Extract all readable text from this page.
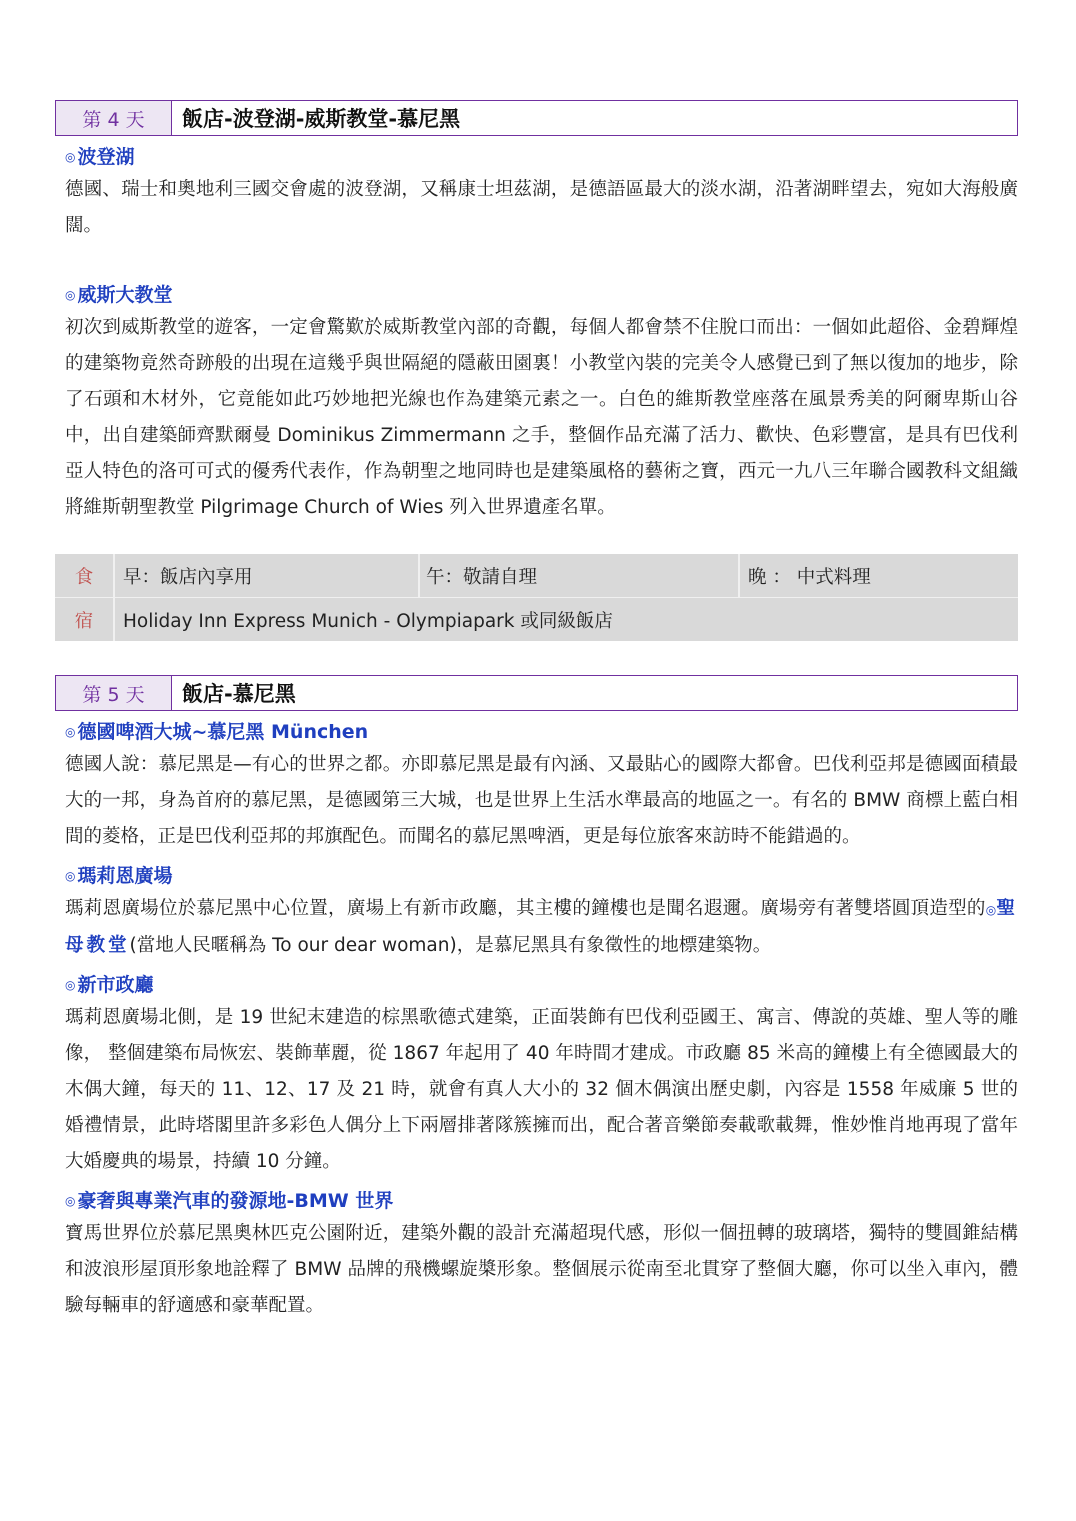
第 4 天	飯店-波登湖-威斯教堂-慕尼黑
◎ 波登湖

德國、瑞士和奧地利三國交會處的波登湖，又稱康士坦茲湖，是德語區最大的淡水湖，沿著湖畔望去，宛如大海般廣闊。

◎ 威斯大教堂

初次到威斯教堂的遊客，一定會驚歎於威斯教堂內部的奇觀，每個人都會禁不住脫口而出：一個如此超俗、金碧輝煌的建築物竟然奇跡般的出現在這幾乎與世隔絕的隱蔽田園裏！小教堂內裝的完美令人感覺已到了無以復加的地步，除了石頭和木材外，它竟能如此巧妙地把光線也作為建築元素之一。白色的維斯教堂座落在風景秀美的阿爾卑斯山谷中，出自建築師齊默爾曼 Dominikus Zimmermann 之手，整個作品充滿了活力、歡快、色彩豐富，是具有巴伐利亞人特色的洛可可式的優秀代表作，作為朝聖之地同時也是建築風格的藝術之寶，西元一九八三年聯合國教科文組織將維斯朝聖教堂 Pilgrimage Church of Wies 列入世界遺產名單。

食	早：飯店內享用	午：敬請自理	晚 ： 中式料理
宿	Holiday Inn Express Munich - Olympiapark 或同級飯店
第 5 天	飯店-慕尼黑
◎ 德國啤酒大城~慕尼黑 München

德國人說：慕尼黑是—有心的世界之都。亦即慕尼黑是最有內涵、又最貼心的國際大都會。巴伐利亞邦是德國面積最大的一邦，身為首府的慕尼黑，是德國第三大城，也是世界上生活水準最高的地區之一。有名的 BMW 商標上藍白相間的菱格，正是巴伐利亞邦的邦旗配色。而聞名的慕尼黑啤酒，更是每位旅客來訪時不能錯過的。

◎ 瑪莉恩廣場

瑪莉恩廣場位於慕尼黑中心位置，廣場上有新市政廳，其主樓的鐘樓也是聞名遐邇。廣場旁有著雙塔圓頂造型的◎聖母教堂(當地人民暱稱為 To our dear woman)，是慕尼黑具有象徵性的地標建築物。

◎ 新市政廳

瑪莉恩廣場北側，是 19 世紀末建造的棕黑歌德式建築，正面裝飾有巴伐利亞國王、寓言、傳說的英雄、聖人等的雕像， 整個建築布局恢宏、裝飾華麗，從 1867 年起用了 40 年時間才建成。市政廳 85 米高的鐘樓上有全德國最大的木偶大鐘，每天的 11、12、17 及 21 時，就會有真人大小的 32 個木偶演出歷史劇，內容是 1558 年威廉 5 世的婚禮情景，此時塔閣里許多彩色人偶分上下兩層排著隊簇擁而出，配合著音樂節奏載歌載舞，惟妙惟肖地再現了當年大婚慶典的場景，持續 10 分鐘。

◎ 豪奢與專業汽車的發源地-BMW 世界

寶馬世界位於慕尼黑奧林匹克公園附近，建築外觀的設計充滿超現代感，形似一個扭轉的玻璃塔，獨特的雙圓錐結構和波浪形屋頂形象地詮釋了 BMW 品牌的飛機螺旋槳形象。整個展示從南至北貫穿了整個大廳，你可以坐入車內，體驗每輛車的舒適感和豪華配置。
